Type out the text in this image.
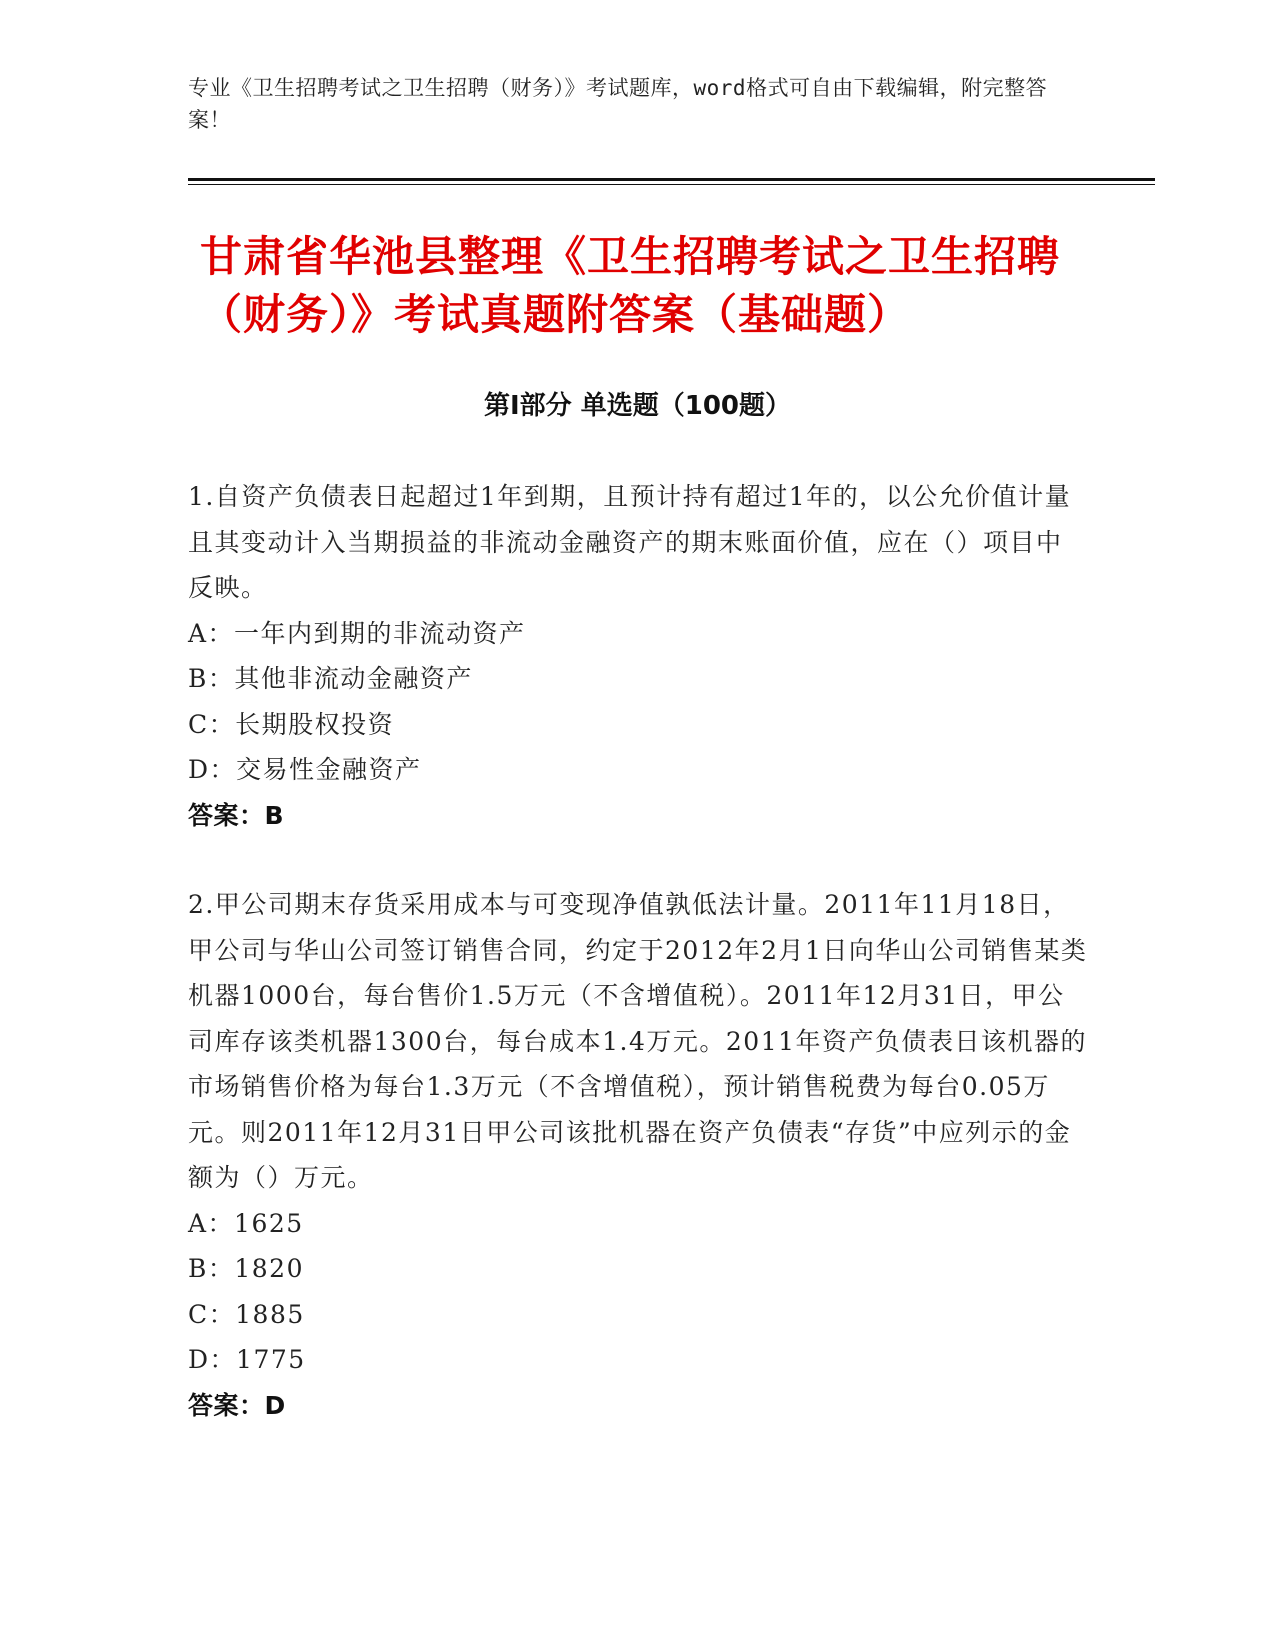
专业《卫生招聘考试之卫生招聘（财务）》考试题库，word格式可自由下载编辑，附完整答案！
甘肃省华池县整理《卫生招聘考试之卫生招聘（财务）》考试真题附答案（基础题）
第I部分 单选题（100题）
1.自资产负债表日起超过1年到期，且预计持有超过1年的，以公允价值计量且其变动计入当期损益的非流动金融资产的期末账面价值，应在（）项目中反映。
A：一年内到期的非流动资产
B：其他非流动金融资产
C：长期股权投资
D：交易性金融资产
答案：B
2.甲公司期末存货采用成本与可变现净值孰低法计量。2011年11月18日，甲公司与华山公司签订销售合同，约定于2012年2月1日向华山公司销售某类机器1000台，每台售价1.5万元（不含增值税）。2011年12月31日，甲公司库存该类机器1300台，每台成本1.4万元。2011年资产负债表日该机器的市场销售价格为每台1.3万元（不含增值税），预计销售税费为每台0.05万元。则2011年12月31日甲公司该批机器在资产负债表“存货”中应列示的金额为（）万元。
A：1625
B：1820
C：1885
D：1775
答案：D
